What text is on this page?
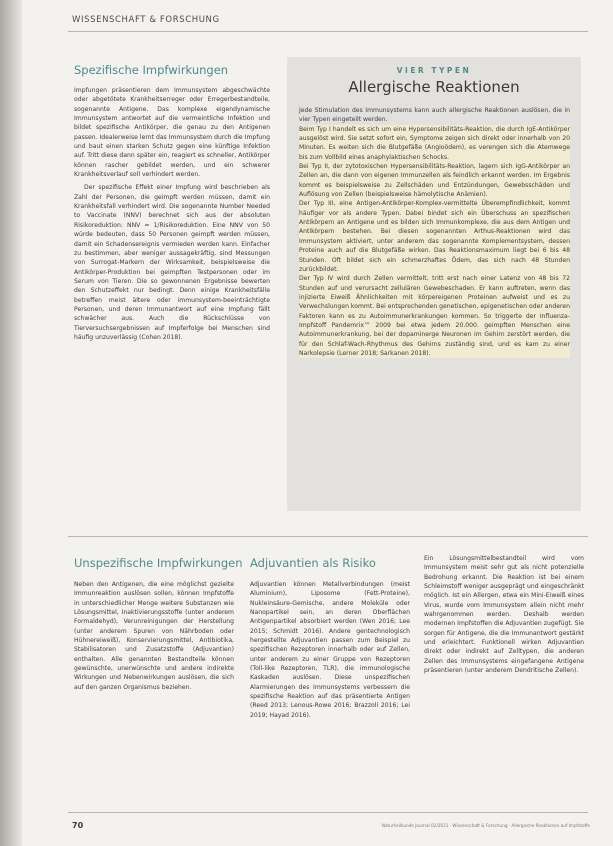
WISSENSCHAFT & FORSCHUNG
Spezifische Impfwirkungen

Impfungen präsentieren dem Immunsystem abgeschwächte oder abgetötete Krankheitserreger oder Erregerbestandteile, sogenannte Antigene. Das komplexe eigendynamische Immunsystem antwortet auf die vermeintliche Infektion und bildet spezifische Antikörper, die genau zu den Antigenen passen. Idealerweise lernt das Immunsystem durch die Impfung und baut einen starken Schutz gegen eine künftige Infektion auf. Tritt diese dann später ein, reagiert es schneller, Antikörper können rascher gebildet werden, und ein schwerer Krankheitsverlauf soll verhindert werden.

Der spezifische Effekt einer Impfung wird beschrieben als Zahl der Personen, die geimpft werden müssen, damit ein Krankheitsfall verhindert wird. Die sogenannte Number Needed to Vaccinate (NNV) berechnet sich aus der absoluten Risikoreduktion: NNV = 1/Risikoreduktion. Eine NNV von 50 würde bedeuten, dass 50 Personen geimpft werden müssen, damit ein Schadensereignis vermieden werden kann. Einfacher zu bestimmen, aber weniger aussagekräftig, sind Messungen von Surrogat-Markern der Wirksamkeit, beispielsweise die Antikörper-Produktion bei geimpften Testpersonen oder im Serum von Tieren. Die so gewonnenen Ergebnisse bewerten den Schutzeffekt nur bedingt. Denn einige Krankheitsfälle betreffen meist ältere oder immunsystem-beeinträchtigte Personen, und deren Immunantwort auf eine Impfung fällt schwächer aus. Auch die Rückschlüsse von Tierversuchsergebnissen auf Impferfolge bei Menschen sind häufig unzuverlässig (Cohen 2018).

VIER TYPEN
Allergische Reaktionen

Jede Stimulation des Immunsystems kann auch allergische Reaktionen auslösen, die in vier Typen eingeteilt werden.

Beim Typ I handelt es sich um eine Hypersensibilitäts-Reaktion, die durch IgE-Antikörper ausgelöst wird. Sie setzt sofort ein, Symptome zeigen sich direkt oder innerhalb von 20 Minuten. Es weiten sich die Blutgefäße (Angioödem), es verengen sich die Atemwege bis zum Vollbild eines anaphylaktischen Schocks.

Bei Typ II, der zytotoxischen Hypersensibilitäts-Reaktion, lagern sich IgG-Antikörper an Zellen an, die dann von eigenen Immunzellen als feindlich erkannt werden. Im Ergebnis kommt es beispielsweise zu Zellschäden und Entzündungen, Gewebsschäden und Auflösung von Zellen (beispielsweise hämolytische Anämien).

Der Typ III, eine Antigen-Antikörper-Komplex-vermittelte Überempfindlichkeit, kommt häufiger vor als andere Typen. Dabei bindet sich ein Überschuss an spezifischen Antikörpern an Antigene und es bilden sich Immunkomplexe, die aus dem Antigen und Antikörpern bestehen. Bei diesen sogenannten Arthus-Reaktionen wird das Immunsystem aktiviert, unter anderem das sogenannte Komplementsystem, dessen Proteine auch auf die Blutgefäße wirken. Das Reaktionsmaximum liegt bei 6 bis 48 Stunden. Oft bildet sich ein schmerzhaftes Ödem, das sich nach 48 Stunden zurückbildet.

Der Typ IV wird durch Zellen vermittelt, tritt erst nach einer Latenz von 48 bis 72 Stunden auf und verursacht zellulären Gewebeschaden. Er kann auftreten, wenn das injizierte Eiweiß Ähnlichkeiten mit körpereigenen Proteinen aufweist und es zu Verwechslungen kommt. Bei entsprechenden genetischen, epigenetischen oder anderen Faktoren kann es zu Autoimmunerkrankungen kommen. So triggerte der Influenza-Impfstoff Pandemrix™ 2009 bei etwa jedem 20.000. geimpften Menschen eine Autoimmunerkrankung, bei der dopaminerge Neuronen im Gehirn zerstört werden, die für den Schlaf-Wach-Rhythmus des Gehirns zuständig sind, und es kam zu einer Narkolepsie (Lerner 2018; Sarkanen 2018).

Unspezifische Impfwirkungen

Neben den Antigenen, die eine möglichst gezielte Immunreaktion auslösen sollen, können Impfstoffe in unterschiedlicher Menge weitere Substanzen wie Lösungsmittel, Inaktivierungsstoffe (unter anderem Formaldehyd), Verunreinigungen der Herstellung (unter anderem Spuren von Nährboden oder Hühnereiweiß), Konservierungsmittel, Antibiotika, Stabilisatoren und Zusatzstoffe (Adjuvantien) enthalten. Alle genannten Bestandteile können gewünschte, unerwünschte und andere indirekte Wirkungen und Nebenwirkungen auslösen, die sich auf den ganzen Organismus beziehen.

Adjuvantien als Risiko

Adjuvantien können Metallverbindungen (meist Aluminium), Liposome (Fett-Proteine), Nukleinsäure-Gemische, andere Moleküle oder Nanopartikel sein, an deren Oberflächen Antigenpartikel absorbiert werden (Wen 2016; Lee 2015; Schmidt 2016). Andere gentechnologisch hergestellte Adjuvantien passen zum Beispiel zu spezifischen Rezeptoren innerhalb oder auf Zellen, unter anderem zu einer Gruppe von Rezeptoren (Toll-like Rezeptoren, TLR), die immunologische Kaskaden auslösen. Diese unspezifischen Alarmierungen des Immunsystems verbessern die spezifische Reaktion auf das präsentierte Antigen (Reed 2013; Lenous-Rowe 2016; Brazzoli 2016; Lei 2019; Hayad 2016).

Ein Lösungsmittelbestandteil wird vom Immunsystem meist sehr gut als nicht potenzielle Bedrohung erkannt. Die Reaktion ist bei einem Schleimstoff weniger ausgeprägt und eingeschränkt möglich. Ist ein Allergen, etwa ein Mini-Eiweiß eines Virus, wurde vom Immunsystem allein nicht mehr wahrgenommen werden. Deshalb werden modernen Impfstoffen die Adjuvantien zugefügt. Sie sorgen für Antigene, die die Immunantwort gestärkt und erleichtert. Funktionell wirken Adjuvantien direkt oder indirekt auf Zelltypen, die anderen Zellen des Immunsystems eingefangene Antigene präsentieren (unter anderem Dendritische Zellen).

70	Naturheilkunde Journal 02/2021 · Wissenschaft & Forschung · Allergische Reaktionen auf Impfstoffe
